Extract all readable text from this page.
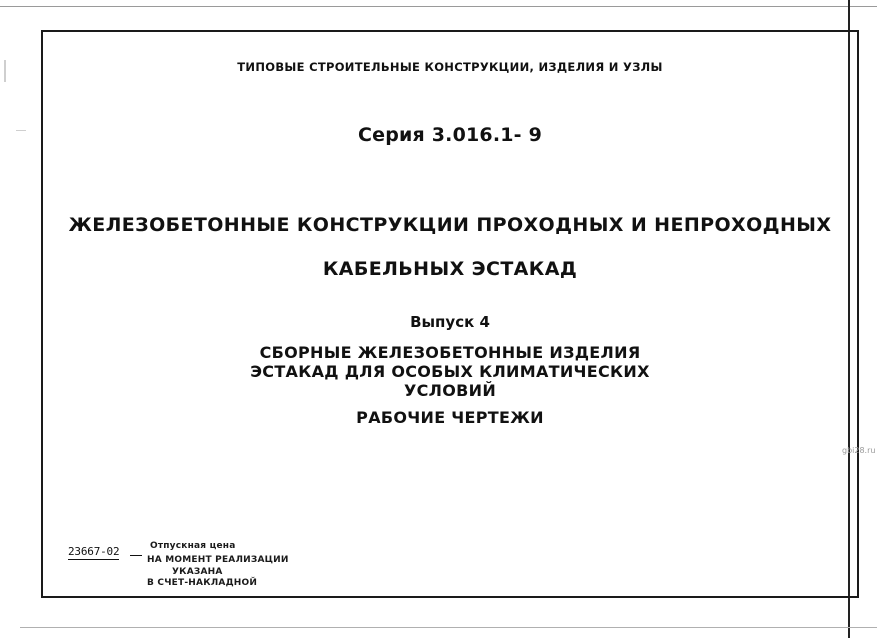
ТИПОВЫЕ СТРОИТЕЛЬНЫЕ КОНСТРУКЦИИ, ИЗДЕЛИЯ И УЗЛЫ
Серия 3.016.1- 9
ЖЕЛЕЗОБЕТОННЫЕ КОНСТРУКЦИИ ПРОХОДНЫХ И НЕПРОХОДНЫХ
КАБЕЛЬНЫХ ЭСТАКАД
Выпуск 4
СБОРНЫЕ ЖЕЛЕЗОБЕТОННЫЕ ИЗДЕЛИЯ
ЭСТАКАД ДЛЯ ОСОБЫХ КЛИМАТИЧЕСКИХ
УСЛОВИЙ
РАБОЧИЕ ЧЕРТЕЖИ
23667-02	Отпускная цена
НА МОМЕНТ РЕАЛИЗАЦИИ
УКАЗАНА
В СЧЕТ-НАКЛАДНОЙ
gbi28.ru
